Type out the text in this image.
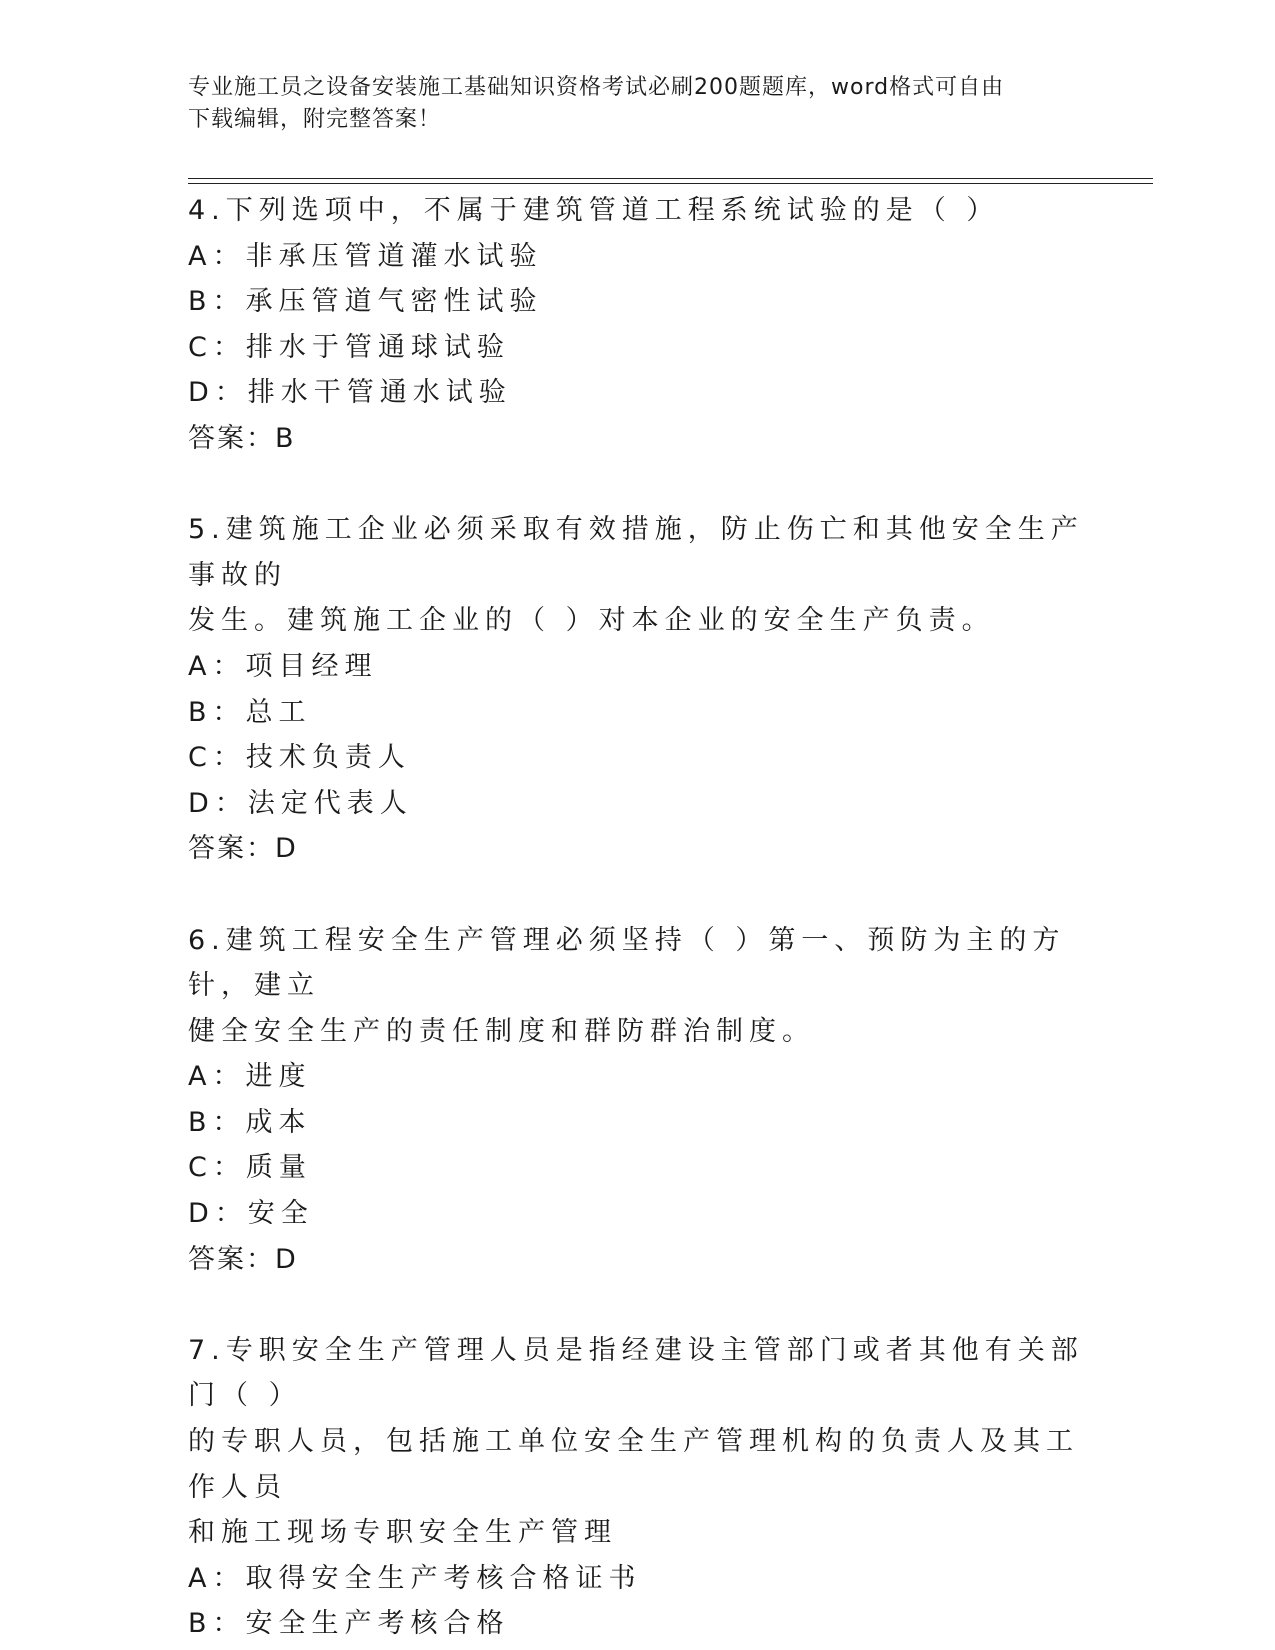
专业施工员之设备安装施工基础知识资格考试必刷200题题库，word格式可自由
下载编辑，附完整答案！
4.下列选项中，不属于建筑管道工程系统试验的是（ ）
A：非承压管道灌水试验
B：承压管道气密性试验
C：排水于管通球试验
D：排水干管通水试验
答案：B
5.建筑施工企业必须采取有效措施，防止伤亡和其他安全生产事故的
发生。建筑施工企业的（ ）对本企业的安全生产负责。
A：项目经理
B：总工
C：技术负责人
D：法定代表人
答案：D
6.建筑工程安全生产管理必须坚持（ ）第一、预防为主的方针，建立
健全安全生产的责任制度和群防群治制度。
A：进度
B：成本
C：质量
D：安全
答案：D
7.专职安全生产管理人员是指经建设主管部门或者其他有关部门（ ）
的专职人员，包括施工单位安全生产管理机构的负责人及其工作人员
和施工现场专职安全生产管理
A：取得安全生产考核合格证书
B：安全生产考核合格
